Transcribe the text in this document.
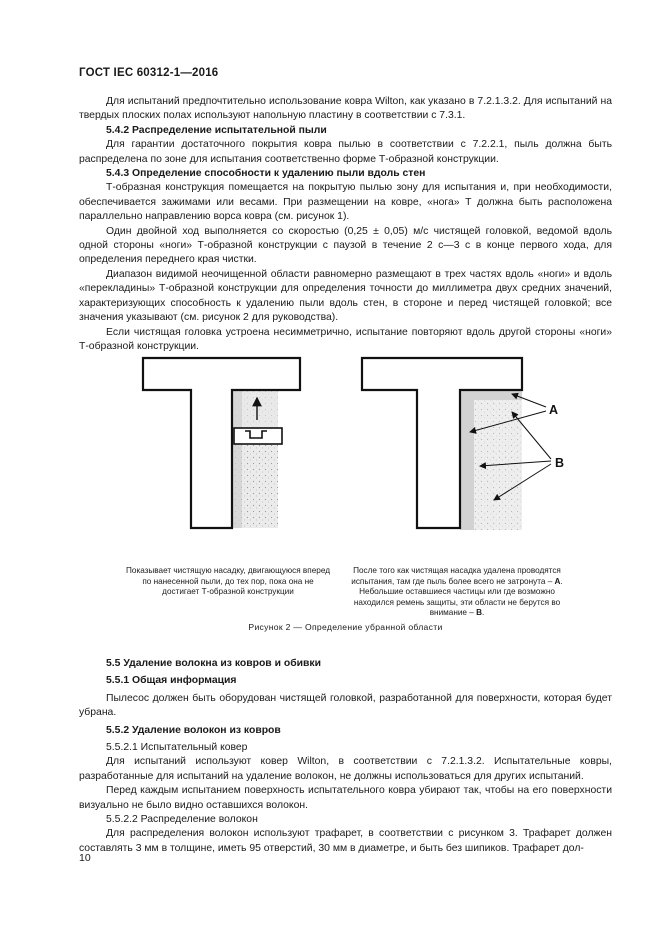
ГОСТ IEC 60312-1—2016

Для испытаний предпочтительно использование ковра Wilton, как указано в 7.2.1.3.2. Для испытаний на твердых плоских полах используют напольную пластину в соответствии с 7.3.1.

5.4.2 Распределение испытательной пыли

Для гарантии достаточного покрытия ковра пылью в соответствии с 7.2.2.1, пыль должна быть распределена по зоне для испытания соответственно форме Т-образной конструкции.

5.4.3 Определение способности к удалению пыли вдоль стен

Т-образная конструкция помещается на покрытую пылью зону для испытания и, при необходимости, обеспечивается зажимами или весами. При размещении на ковре, «нога» Т должна быть расположена параллельно направлению ворса ковра (см. рисунок 1).

Один двойной ход выполняется со скоростью (0,25 ± 0,05) м/с чистящей головкой, ведомой вдоль одной стороны «ноги» Т-образной конструкции с паузой в течение 2 с—3 с в конце первого хода, для определения переднего края чистки.

Диапазон видимой неочищенной области равномерно размещают в трех частях вдоль «ноги» и вдоль «перекладины» Т-образной конструкции для определения точности до миллиметра двух средних значений, характеризующих способность к удалению пыли вдоль стен, в стороне и перед чистящей головкой; все значения указывают (см. рисунок 2 для руководства).

Если чистящая головка устроена несимметрично, испытание повторяют вдоль другой стороны «ноги» Т-образной конструкции.

A
B
Показывает чистящую насадку, двигающуюся вперед по нанесенной пыли, до тех пор, пока она не достигает Т-образной конструкции
После того как чистящая насадка удалена проводятся испытания, там где пыль более всего не затронута – А. Небольшие оставшиеся частицы или где возможно находился ремень защиты, эти области не берутся во внимание – В.
Рисунок 2 — Определение убранной области

5.5 Удаление волокна из ковров и обивки

5.5.1 Общая информация

Пылесос должен быть оборудован чистящей головкой, разработанной для поверхности, которая будет убрана.

5.5.2 Удаление волокон из ковров

5.5.2.1 Испытательный ковер

Для испытаний используют ковер Wilton, в соответствии с 7.2.1.3.2. Испытательные ковры, разработанные для испытаний на удаление волокон, не должны использоваться для других испытаний.

Перед каждым испытанием поверхность испытательного ковра убирают так, чтобы на его поверхности визуально не было видно оставшихся волокон.

5.5.2.2 Распределение волокон

Для распределения волокон используют трафарет, в соответствии с рисунком 3. Трафарет должен составлять 3 мм в толщине, иметь 95 отверстий, 30 мм в диаметре, и быть без шипиков. Трафарет дол-

10
